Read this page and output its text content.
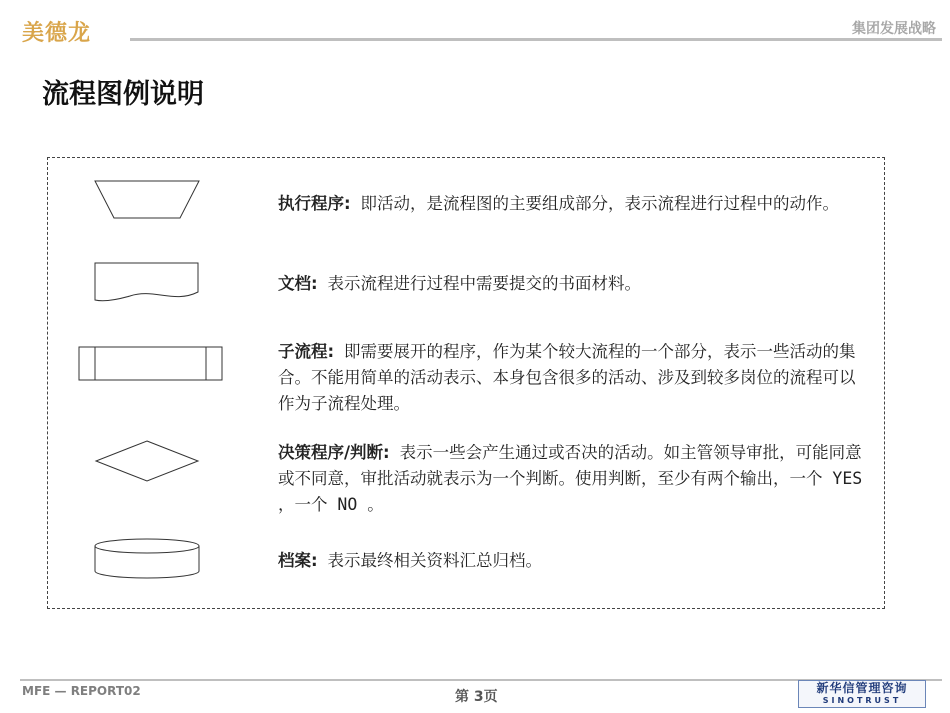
美德龙	集团发展战略
流程图例说明
执行程序: 即活动，是流程图的主要组成部分，表示流程进行过程中的动作。
文档: 表示流程进行过程中需要提交的书面材料。
子流程: 即需要展开的程序，作为某个较大流程的一个部分，表示一些活动的集合。不能用简单的活动表示、本身包含很多的活动、涉及到较多岗位的流程可以作为子流程处理。
决策程序/判断: 表示一些会产生通过或否决的活动。如主管领导审批，可能同意或不同意，审批活动就表示为一个判断。使用判断，至少有两个输出，一个 YES ，一个 NO 。
档案: 表示最终相关资料汇总归档。
MFE — REPORT02	第 3页
新华信管理咨询
SINOTRUST
